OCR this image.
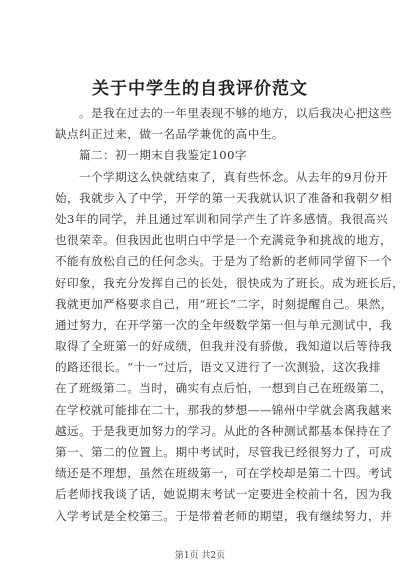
关于中学生的自我评价范文
。是我在过去的一年里表现不够的地方，以后我决心把这些
缺点纠正过来，做一名品学兼优的高中生。
篇二：初一期末自我鉴定100字
一个学期这么快就结束了，真有些怀念。从去年的9月份开
始，我就步入了中学，开学的第一天我就认识了准备和我朝夕相
处3年的同学，并且通过军训和同学产生了许多感情。我很高兴
也很荣幸。但我因此也明白中学是一个充满竞争和挑战的地方，
不能有放松自己的任何念头。于是为了给新的老师同学留下一个
好印象，我充分发挥自己的长处，很快成为了班长。成为班长后，
我就更加严格要求自己，用“班长”二字，时刻提醒自己。果然，
通过努力，在开学第一次的全年级数学第一但与单元测试中，我
取得了全班第一的好成绩，但我并没有骄傲，我知道以后等待我
的路还很长。“十一”过后，语文又进行了一次测验，这次我排
在了班级第二。当时，确实有点后怕，一想到自己在班级第二，
在学校就可能排在二十，那我的梦想——锦州中学就会离我越来
越远。于是我更加努力的学习。从此的各种测试都基本保持在了
第一、第二的位置上。期中考试时，尽管我已经很努力了，可成
绩还是不理想，虽然在班级第一，可在学校却是第二十四。考试
后老师找我谈了话，她说期末考试一定要进全校前十名，因为我
入学考试是全校第三。于是带着老师的期望，我有继续努力，并
第1页 共2页
